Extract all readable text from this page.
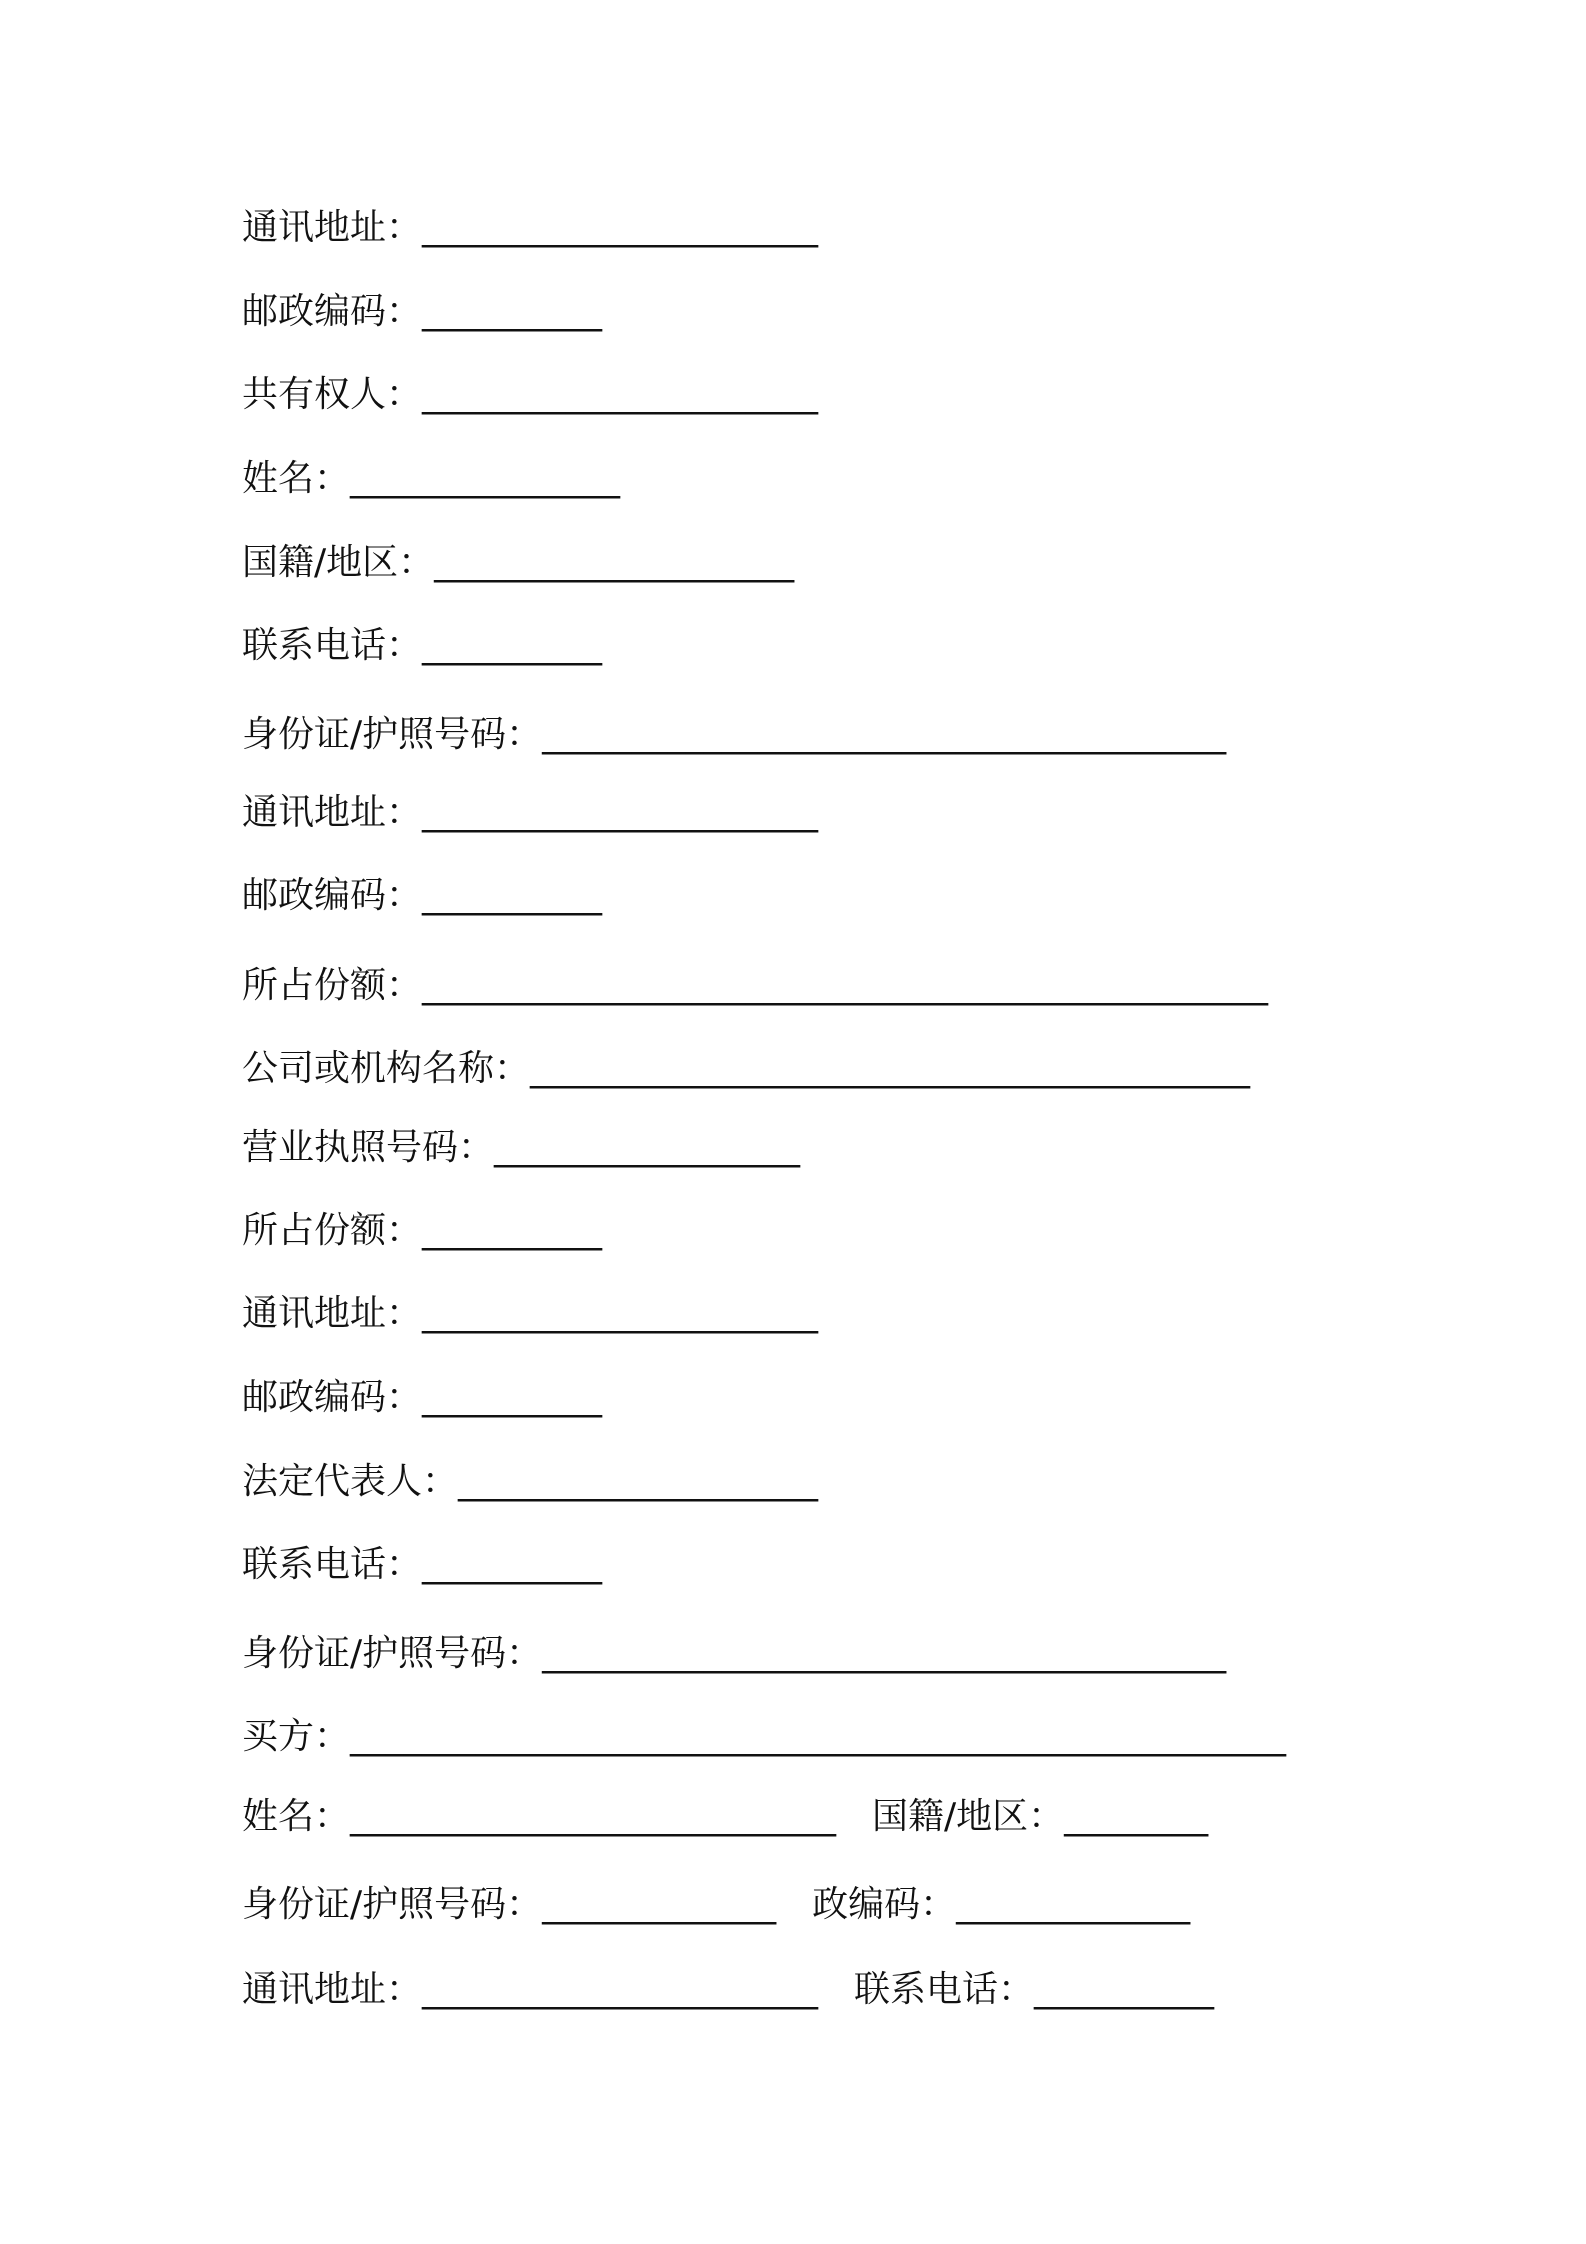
通讯地址：______________________
邮政编码：__________
共有权人：______________________
姓名：_______________
国籍/地区：____________________
联系电话：__________
身份证/护照号码：______________________________________
通讯地址：______________________
邮政编码：__________
所占份额：_______________________________________________
公司或机构名称：________________________________________
营业执照号码：_________________
所占份额：__________
通讯地址：______________________
邮政编码：__________
法定代表人：____________________
联系电话：__________
身份证/护照号码：______________________________________
买方：____________________________________________________
姓名：___________________________ 国籍/地区：________
身份证/护照号码：_____________ 政编码：_____________
通讯地址：______________________ 联系电话：__________
